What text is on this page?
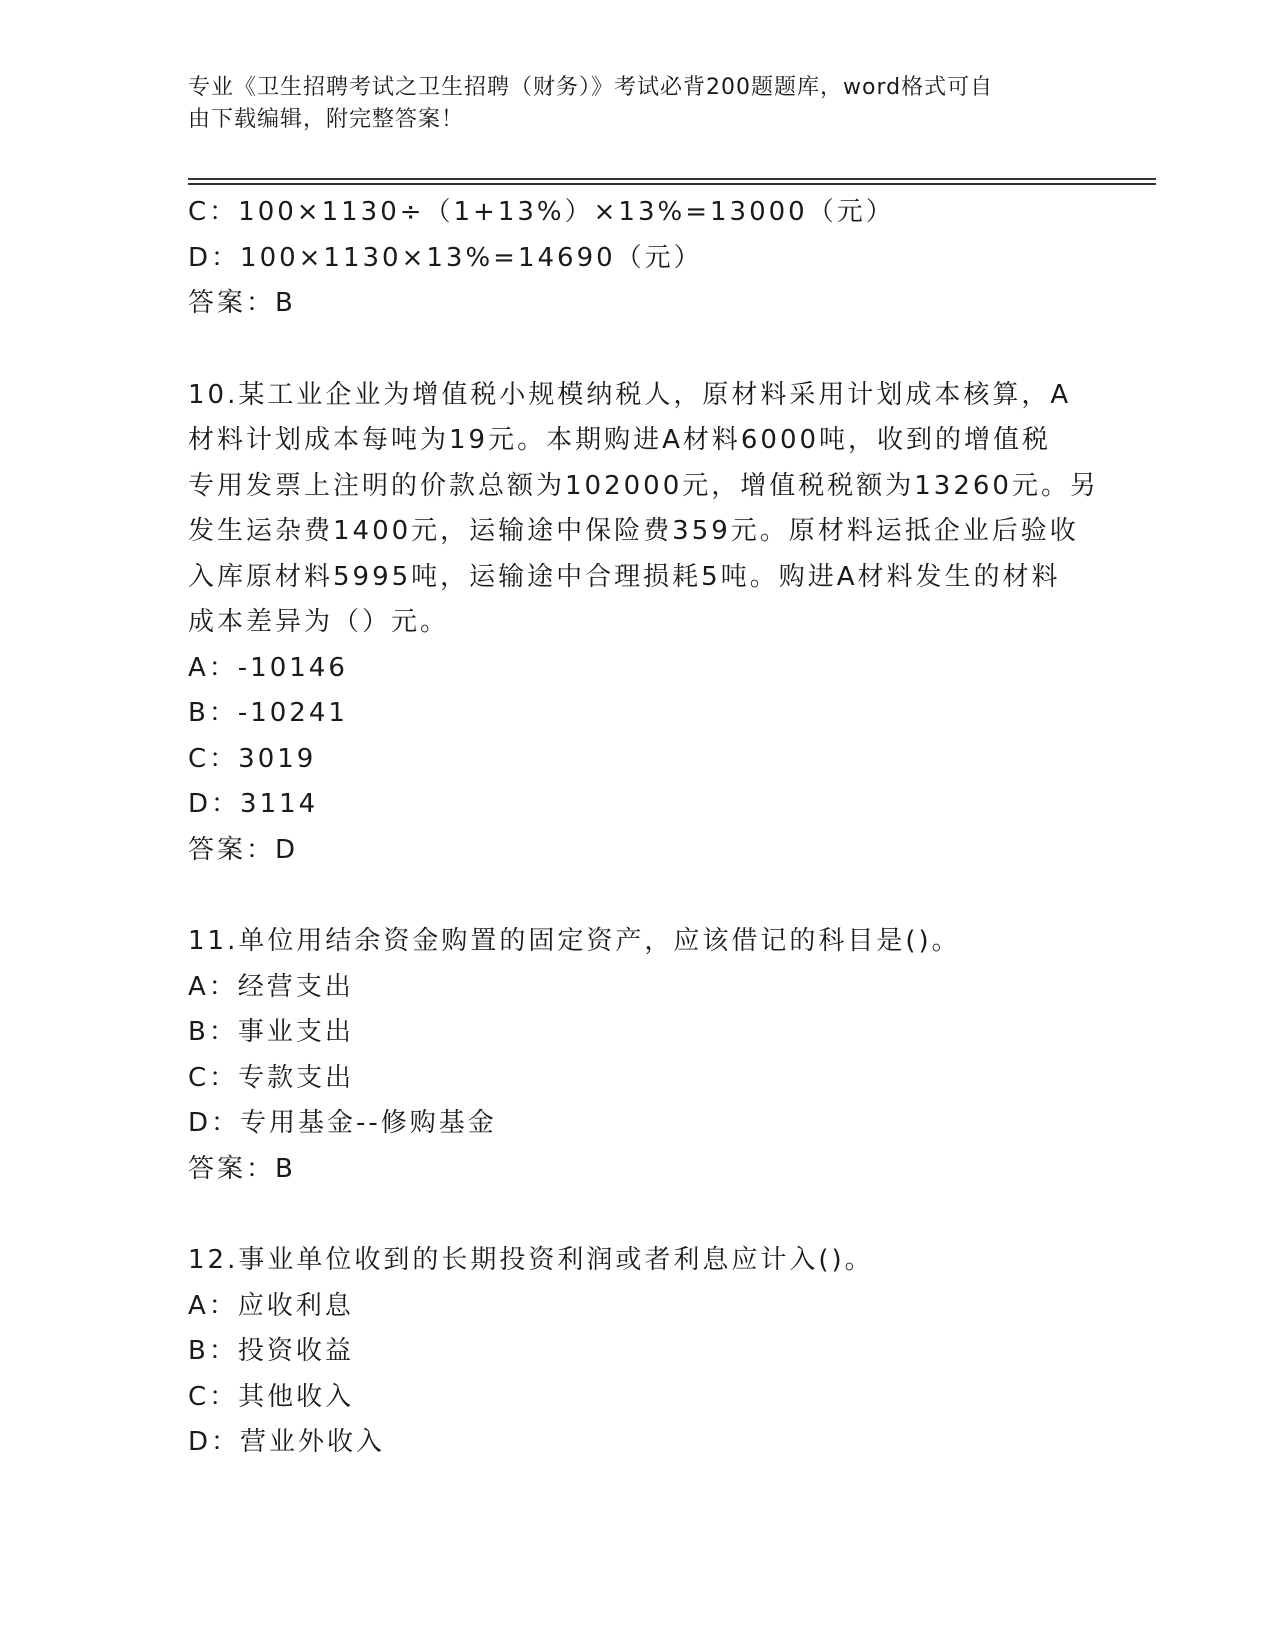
专业《卫生招聘考试之卫生招聘（财务）》考试必背200题题库，word格式可自
由下载编辑，附完整答案！
C：100×1130÷（1+13%）×13%=13000（元）
D：100×1130×13%=14690（元）
答案：B
10.某工业企业为增值税小规模纳税人，原材料采用计划成本核算，A
材料计划成本每吨为19元。本期购进A材料6000吨，收到的增值税
专用发票上注明的价款总额为102000元，增值税税额为13260元。另
发生运杂费1400元，运输途中保险费359元。原材料运抵企业后验收
入库原材料5995吨，运输途中合理损耗5吨。购进A材料发生的材料
成本差异为（）元。
A：-10146
B：-10241
C：3019
D：3114
答案：D
11.单位用结余资金购置的固定资产，应该借记的科目是()。
A：经营支出
B：事业支出
C：专款支出
D：专用基金--修购基金
答案：B
12.事业单位收到的长期投资利润或者利息应计入()。
A：应收利息
B：投资收益
C：其他收入
D：营业外收入
